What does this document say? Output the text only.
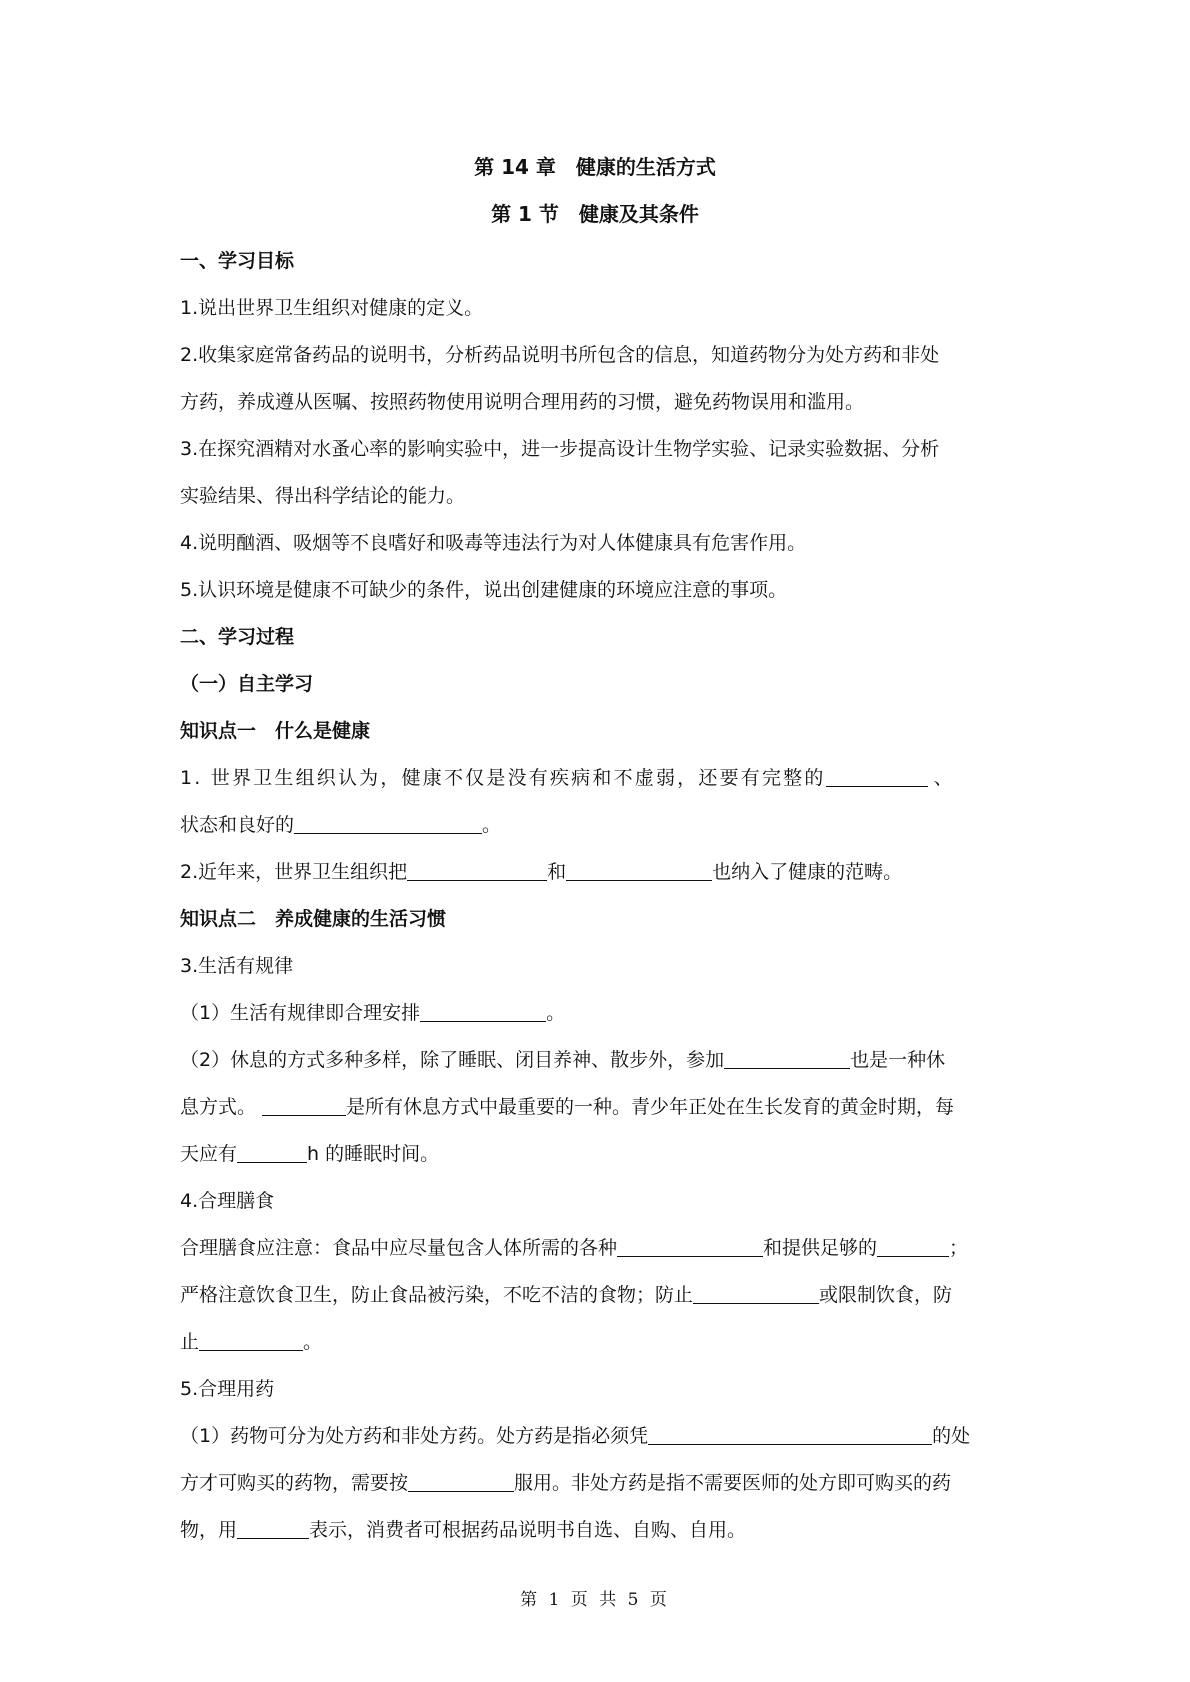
第 14 章　健康的生活方式
第 1 节　健康及其条件
一、学习目标
1.说出世界卫生组织对健康的定义。
2.收集家庭常备药品的说明书，分析药品说明书所包含的信息，知道药物分为处方药和非处
方药，养成遵从医嘱、按照药物使用说明合理用药的习惯，避免药物误用和滥用。
3.在探究酒精对水蚤心率的影响实验中，进一步提高设计生物学实验、记录实验数据、分析
实验结果、得出科学结论的能力。
4.说明酗酒、吸烟等不良嗜好和吸毒等违法行为对人体健康具有危害作用。
5.认识环境是健康不可缺少的条件，说出创建健康的环境应注意的事项。
二、学习过程
（一）自主学习
知识点一　什么是健康
1. 世界卫生组织认为，健康不仅是没有疾病和不虚弱，还要有完整的	、
状态和良好的	。
2.近年来，世界卫生组织把	和	也纳入了健康的范畴。
知识点二　养成健康的生活习惯
3.生活有规律
（1）生活有规律即合理安排	。
（2）休息的方式多种多样，除了睡眠、闭目养神、散步外，参加	也是一种休
息方式。	是所有休息方式中最重要的一种。青少年正处在生长发育的黄金时期，每
天应有	h 的睡眠时间。
4.合理膳食
合理膳食应注意：食品中应尽量包含人体所需的各种	和提供足够的	；
严格注意饮食卫生，防止食品被污染，不吃不洁的食物；防止	或限制饮食，防
止	。
5.合理用药
（1）药物可分为处方药和非处方药。处方药是指必须凭	的处
方才可购买的药物，需要按	服用。非处方药是指不需要医师的处方即可购买的药
物，用	表示，消费者可根据药品说明书自选、自购、自用。
第 1 页 共 5 页
